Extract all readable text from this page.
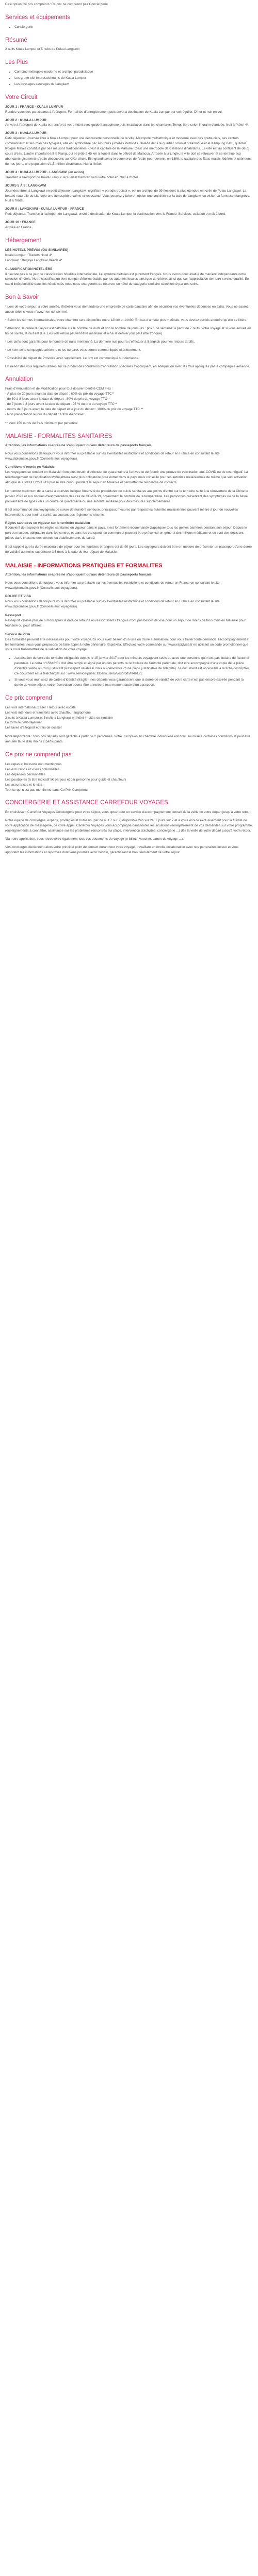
Description Ce prix comprend / Ce prix ne comprend pas Conciergerie

Services et équipements
• Conciergerie
Résumé

2 nuits Kuala Lumpur et 5 nuits de Pulau Langkawi

Les Plus
• Combiné métropole moderne et archipel paradisiaque
• Les gratte-ciel impressionnants de Kuala Lumpur
• Les paysages sauvages de Langkawi
Votre Circuit
JOUR 1 : FRANCE - KUALA LUMPUR
Rendez-vous des participants à l'aéroport. Formalités d'enregistrement puis envol à destination de Kuala Lumpur sur vol régulier. Dîner et nuit en vol.
JOUR 2 : KUALA LUMPUR
Arrivée à l'aéroport de Kuala et transfert à votre hôtel avec guide francophone puis installation dans les chambres. Temps libre selon l'horaire d'arrivée. Nuit à l'hôtel 4*.
JOUR 3 : KUALA LUMPUR
Petit déjeuner. Journée libre à Kuala Lumpur pour une découverte personnelle de la ville. Métropole multiethnique et moderne avec des gratte-ciels, ses centres commerciaux et ses marchés typiques, elle est symbolisée par ses tours jumelles Petronas. Balade dans le quartier colonial britannique et le Kampung Baru, quartier typique Malais constitué par ses maisons traditionnelles. C'est la capitale de la Malaisie. C'est une métropole de 6 millions d'habitants. La ville est au confluent de deux cours d'eau. L'autre important est le Klang, qui se jette à 45 km à l'ouest dans le détroit de Malacca. Arrosée à la jungle, la ville doit se retrouver et se terraine aux abondants gisements d'étain découverts au XIXe siècle. Elle grandit avec le commerce de l'étain pour devenir, en 1896, la capitale des États malais fédérés et ultérieurs, de nos jours, une population d'1,5 million d'habitants. Nuit à l'hôtel.
JOUR 4 : KUALA LUMPUR - LANGKAWI (en avion)
Transfert à l'aéroport de Kuala Lumpur. Accueil et transfert vers votre hôtel 4*. Nuit à l'hôtel.
JOURS 5 À 8 : LANGKAWI
Journées libres à Langkawi en petit-déjeuner. Langkawi, signifiant « paradis tropical », est un archipel de 99 îles dont la plus étendue est celle de Pulau Langkawi. La beauté naturelle du site crée une atmosphère calme et reposante. Vous pourrez y faire en option une croisière sur la baie de Langkawi ou visiter sa fameuse mangrove. Nuit à l'hôtel.
JOUR 9 : LANGKAWI - KUALA LUMPUR - FRANCE
Petit déjeuner. Transfert à l'aéroport de Langkawi, envol à destination de Kuala Lumpur et continuation vers la France. Services, collation et nuit à bord.
JOUR 10 : FRANCE
Arrivée en France.
Hébergement
LES HÔTELS PRÉVUS (OU SIMILAIRES)
Kuala Lumpur : Traders Hotel 4*
Langkawi : Berjaya Langkawi Beach 4*
CLASSIFICATION HÔTELIÈRE
Il n'existe pas à ce jour de classification hôtelière internationale. Le système d'étoiles est purement français. Nous avons donc évalué de manière indépendante notre sélection d'hôtels. Notre classification tient compte d'étoiles établie par les autorités locales ainsi que de critères ainsi que sur l'appréciation de notre service qualité. En cas d'indisponibilité dans les hôtels cités nous nous chargerons de réserver un hôtel de catégorie similaire sélectionné par nos soins.
Bon à Savoir

* Lors de votre séjour, à votre arrivée, l'hôtelier vous demandera une empreinte de carte bancaire afin de sécuriser vos éventuelles dépenses en extra. Vous ne saurez aucun débit si vous n'avez rien consommé.

* Selon les normes internationales, votre chambre sera disponible entre 12h30 et 14h00. En cas d'arrivée plus matinale, vous devrez parfois attendre qu'elle se libère.

* Attention, la durée du séjour est calculée sur le nombre de nuits et non le nombre de jours (ex : prix 'une semaine' à partir de 7 nuits. Votre voyage et si vous arrivez en fin de soirée, la nuit est due. Les vols retour peuvent être matinaux et ainsi le dernier jour peut être tronqué).

* Les tarifs sont garantis pour le nombre de nuits mentionné. La dernière nuit pourra s'effectuer à Bangkok pour les retours tardifs.

* Le nom de la compagnie aérienne et les horaires vous seront communiqués ultérieurement.

* Possibilité de départ de Province avec supplément. Le prix est communiqué sur demande.

En raison des vols réguliers utilisés sur ce produit des conditions d'annulation spéciales s'appliquent, en adéquation avec les frais appliqués par la compagnie aérienne.

Annulation

Frais d'Annulation et de Modification pour tout dossier Identité CDM Flex :

- À plus de 30 jours avant la date de départ : 60% du prix du voyage TTC**

- de 30 à 8 jours avant la date de départ : 80% du prix du voyage TTC**

- de 7 jours à 3 jours avant la date de départ : 95 % du prix du voyage TTC**

- moins de 3 jours avant la date de départ et le jour du départ : 100% du prix du voyage TTC **

- Non présentation le jour du départ : 100% du dossier

** avec 150 euros de frais minimum par personne

MALAISIE - FORMALITES SANITAIRES

Attention, les informations ci-après ne s'appliquent qu'aux détenteurs de passeports français.

Nous vous conseillons de toujours vous informer au préalable sur les éventuelles restrictions et conditions de retour en France en consultant le site : www.diplomatie.gouv.fr (Conseils aux voyageurs).

Conditions d'entrée en Malaisie
Les voyageurs se rendant en Malaisie n'ont plus besoin d'effectuer de quarantaine à l'arrivée et de fournir une preuve de vaccination anti-COVID ou de test négatif. La téléchargement de l'application MySejahtera n'est plus obligatoire pour entrer dans le pays mais conseillé pour les autorités malaisiennes de même que son activation afin que leur statut COVID-19 puisse être connu pendant le séjour en Malaisie et permettant le recherche de contacts.

Le nombre maximum de la santé à touristes indique l'intensité de procédures de suivis sanitaires aux points d'entré sur le territoire suite à la réouverture de la Chine le janvier 2023 et aux risques d'augmentation des cas de COVID-19, notamment le contrôle de la température. Les personnes présentant des symptômes ou de la fièvre pouvant être de types vers un centre de quarantaine ou une autorité sanitaire pour des mesures supplémentaires.

Il est recommandé aux voyageurs de suivre de manière sérieuse, principaux mesures par respect les autorités malaisiennes pouvant mettre à jour de nouvelles interventions pour tenir la santé, au courant des règlements récents.

Règles sanitaires en vigueur sur le territoire malaisien
Il convient de respecter les règles sanitaires en vigueur dans le pays. Il est fortement recommandé d'appliquer tous les gestes barrières pendant son séjour. Depuis le port du masque, obligatoire dans les centres et dans les transports en commun et pouvant être préconisé en général des milieux médicaux et où sont des décisions prises dans chacune des centres ou établissements de santé.

Il est rappelé que la durée maximale de séjour pour les touristes étrangers est de 90 jours. Les voyageurs doivent être en mesure de présenter un passeport d'une durée de validité au moins supérieure à 6 mois à la date de leur départ de Malaisie.

MALAISIE - INFORMATIONS PRATIQUES ET FORMALITES

Attention, les informations ci-après ne s'appliquent qu'aux détenteurs de passeports français.

Nous vous conseillons de toujours vous informer au préalable sur les éventuelles restrictions et conditions de retour en France en consultant le site : www.diplomatie.gouv.fr (Conseils aux voyageurs).

POLICE ET VISA
Nous vous conseillons de toujours vous informer au préalable sur les éventuelles restrictions et conditions de retour en France en consultant le site : www.diplomatie.gouv.fr (Conseils aux voyageurs).
Passeport
Passeport valable plus de 6 mois après la date de retour. Les ressortissants français n'ont pas besoin de visa pour un séjour de moins de trois mois en Malaisie pour tourisme ou pour affaires.
Service de VISA
Des formalités peuvent être nécessaires pour votre voyage. Si vous avez besoin d'un visa ou d'une autorisation, pour vous traiter toute demande, l'accompagnement et les formalités, nous vous proposons de faire appel à notre partenaire Rapidvisa. Effectuez votre commande sur www.rapidvisa.fr en utilisant un code promotionnel que vous nous transmettrez de la validation de votre voyage.
• Autorisation de sortie du territoire obligatoire depuis le 15 janvier 2017 pour les mineurs voyageant seuls ou avec une personne qui n'est pas titulaire de l'autorité parentale. Le cerfa n°15646*01 doit être rempli et signé par un des parents ou le titulaire de l'autorité parentale, doit être accompagné d'une copie de la pièce d'identité valide ou d'un justificatif (Passeport valable 6 mois ou délivrance d'une pièce justificative de l'identité). Le document est accessible à la fiche descriptive. Ce document est à télécharger sur : www.service-public.fr/particuliers/vosdroits/R46121
• Si vous vous munissez de cartes d'identité (fragile), nos départs vous garantissent que la durée de validité de votre carte n'est pas encore expirée pendant la durée de votre séjour, votre réservation pourra être annulée à tout moment faute d'un passeport.
Ce prix comprend

Les vols internationaux aller / retour avec escale

Les vols intérieurs et transferts avec chauffeur anglophone

2 nuits à Kuala Lumpur et 5 nuits à Langkawi en hôtel 4* cités ou similaire

La formule petit-déjeuner

Les taxes d'aéroport et frais de dossier

Note importante : tous nos départs sont garantis à partir de 2 personnes. Votre inscription en chambre individuelle est donc soumise à certaines conditions et peut être annulée faute d'au moins 2 participants.

Ce prix ne comprend pas

Les repas et boissons non mentionnés

Les excursions et visites optionnelles

Les dépenses personnelles

Les pourboires (à titre indicatif 5€ par jour et par personne pour guide et chauffeur)

Les assurances et le visa

Tout ce qui n'est pas mentionné dans Ce Prix Comprend

CONCIERGERIE ET ASSISTANCE CARREFOUR VOYAGES

En choisissant Carrefour Voyages Conciergerie pour votre séjour, vous optez pour un service d'accompagnement conseil de la veille de votre départ jusqu'à votre retour.

Notre équipe de concierges, experts, privilégiés et humains (par de nuit 7 sur 7) disponible 24h sur 24, 7 jours sur 7 et à votre écoute exclusivement pour la fluidité de votre application de messagerie, de votre appel. Carrefour Voyages vous accompagne dans toutes les situations (enregistrement de vos demandes sur votre programme, renseignements à connaître, assistance sur les problèmes rencontrés sur place, intervention d'activités, conciergerie ...) dès la veille de votre départ jusqu'à votre retour.

Via notre application, vous retrouverez également tous vos documents de voyage (e-billets, voucher, carnet de voyage ...).

Vos concierges deviennent alors votre principal point de contact durant tout votre voyage, travaillant en étroite collaboration avec nos partenaires locaux et vous apportent les informations et réponses dont vous pourriez avoir besoin, garantissant le bon déroulement de votre séjour.
